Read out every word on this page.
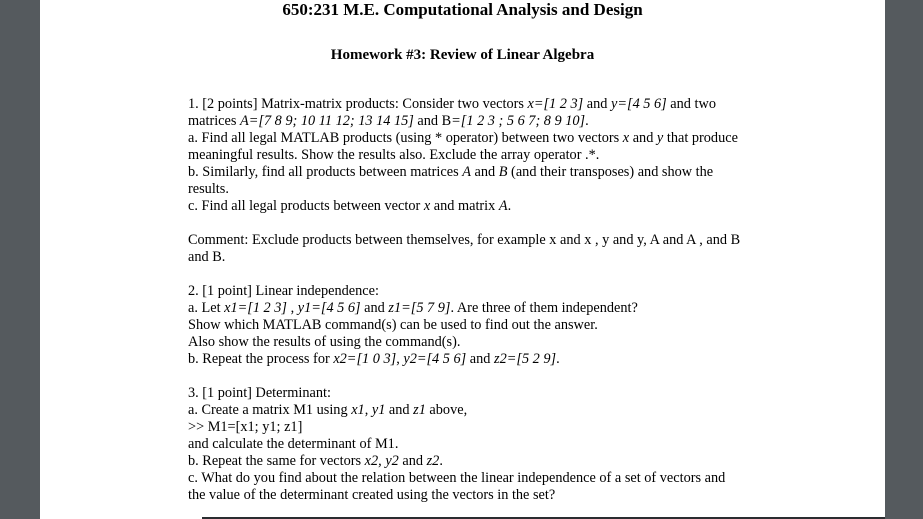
650:231 M.E. Computational Analysis and Design
Homework #3: Review of Linear Algebra
1. [2 points] Matrix-matrix products: Consider two vectors x=[1 2 3] and y=[4 5 6] and two
matrices A=[7 8 9; 10 11 12; 13 14 15] and B=[1 2 3 ; 5 6 7; 8 9 10].
a. Find all legal MATLAB products (using * operator) between two vectors x and y that produce
meaningful results. Show the results also. Exclude the array operator .*.
b. Similarly, find all products between matrices A and B (and their transposes) and show the
results.
c. Find all legal products between vector x and matrix A.
Comment: Exclude products between themselves, for example x and x , y and y, A and A , and B
and B.
2. [1 point] Linear independence:
a. Let x1=[1 2 3] , y1=[4 5 6] and z1=[5 7 9]. Are three of them independent?
Show which MATLAB command(s) can be used to find out the answer.
Also show the results of using the command(s).
b. Repeat the process for x2=[1 0 3], y2=[4 5 6] and z2=[5 2 9].
3. [1 point] Determinant:
a. Create a matrix M1 using x1, y1 and z1 above,
>> M1=[x1; y1; z1]
and calculate the determinant of M1.
b. Repeat the same for vectors x2, y2 and z2.
c. What do you find about the relation between the linear independence of a set of vectors and
the value of the determinant created using the vectors in the set?
